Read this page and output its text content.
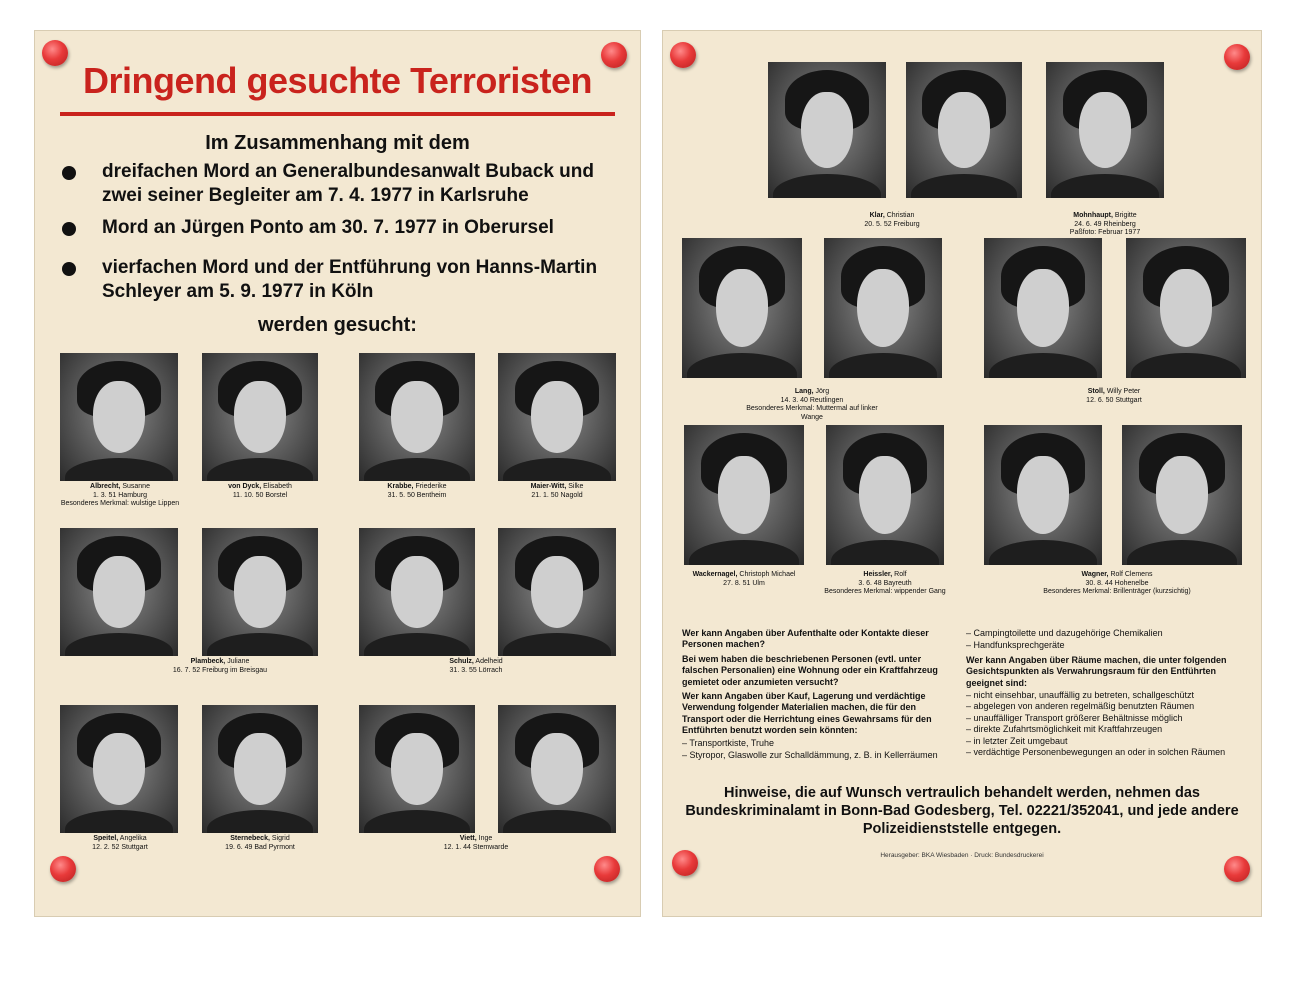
Dringend gesuchte Terroristen
Im Zusammenhang mit dem
dreifachen Mord an Generalbundesanwalt Buback und zwei seiner Begleiter am 7. 4. 1977 in Karlsruhe
Mord an Jürgen Ponto am 30. 7. 1977 in Oberursel
vierfachen Mord und der Entführung von Hanns-Martin Schleyer am 5. 9. 1977 in Köln
werden gesucht:
Albrecht, Susanne
1. 3. 51 Hamburg
Besonderes Merkmal: wulstige Lippen
von Dyck, Elisabeth
11. 10. 50 Borstel
Krabbe, Friederike
31. 5. 50 Bentheim
Maier-Witt, Silke
21. 1. 50 Nagold
Plambeck, Juliane
16. 7. 52 Freiburg im Breisgau
Schulz, Adelheid
31. 3. 55 Lörrach
Speitel, Angelika
12. 2. 52 Stuttgart
Sternebeck, Sigrid
19. 6. 49 Bad Pyrmont
Viett, Inge
12. 1. 44 Stemwarde
Klar, Christian
20. 5. 52 Freiburg
Mohnhaupt, Brigitte
24. 6. 49 Rheinberg
Paßfoto: Februar 1977
Lang, Jörg
14. 3. 40 Reutlingen
Besonderes Merkmal: Muttermal auf linker Wange
Stoll, Willy Peter
12. 6. 50 Stuttgart
Wackernagel, Christoph Michael
27. 8. 51 Ulm
Heissler, Rolf
3. 6. 48 Bayreuth
Besonderes Merkmal: wippender Gang
Wagner, Rolf Clemens
30. 8. 44 Hohenelbe
Besonderes Merkmal: Brillenträger (kurzsichtig)

Wer kann Angaben über Aufenthalte oder Kontakte dieser Personen machen?

Bei wem haben die beschriebenen Personen (evtl. unter falschen Personalien) eine Wohnung oder ein Kraftfahrzeug gemietet oder anzumieten versucht?

Wer kann Angaben über Kauf, Lagerung und verdächtige Verwendung folgender Materialien machen, die für den Transport oder die Herrichtung eines Gewahrsams für den Entführten benutzt worden sein könnten:

– Transportkiste, Truhe

– Styropor, Glaswolle zur Schalldämmung, z. B. in Kellerräumen

– Campingtoilette und dazugehörige Chemikalien

– Handfunksprechgeräte

Wer kann Angaben über Räume machen, die unter folgenden Gesichtspunkten als Verwahrungsraum für den Entführten geeignet sind:

– nicht einsehbar, unauffällig zu betreten, schallgeschützt

– abgelegen von anderen regelmäßig benutzten Räumen

– unauffälliger Transport größerer Behältnisse möglich

– direkte Zufahrtsmöglichkeit mit Kraftfahrzeugen

– in letzter Zeit umgebaut

– verdächtige Personenbewegungen an oder in solchen Räumen

Hinweise, die auf Wunsch vertraulich behandelt werden, nehmen das Bundeskriminalamt in Bonn-Bad Godesberg, Tel. 02221/352041, und jede andere Polizeidienststelle entgegen.
Herausgeber: BKA Wiesbaden · Druck: Bundesdruckerei
